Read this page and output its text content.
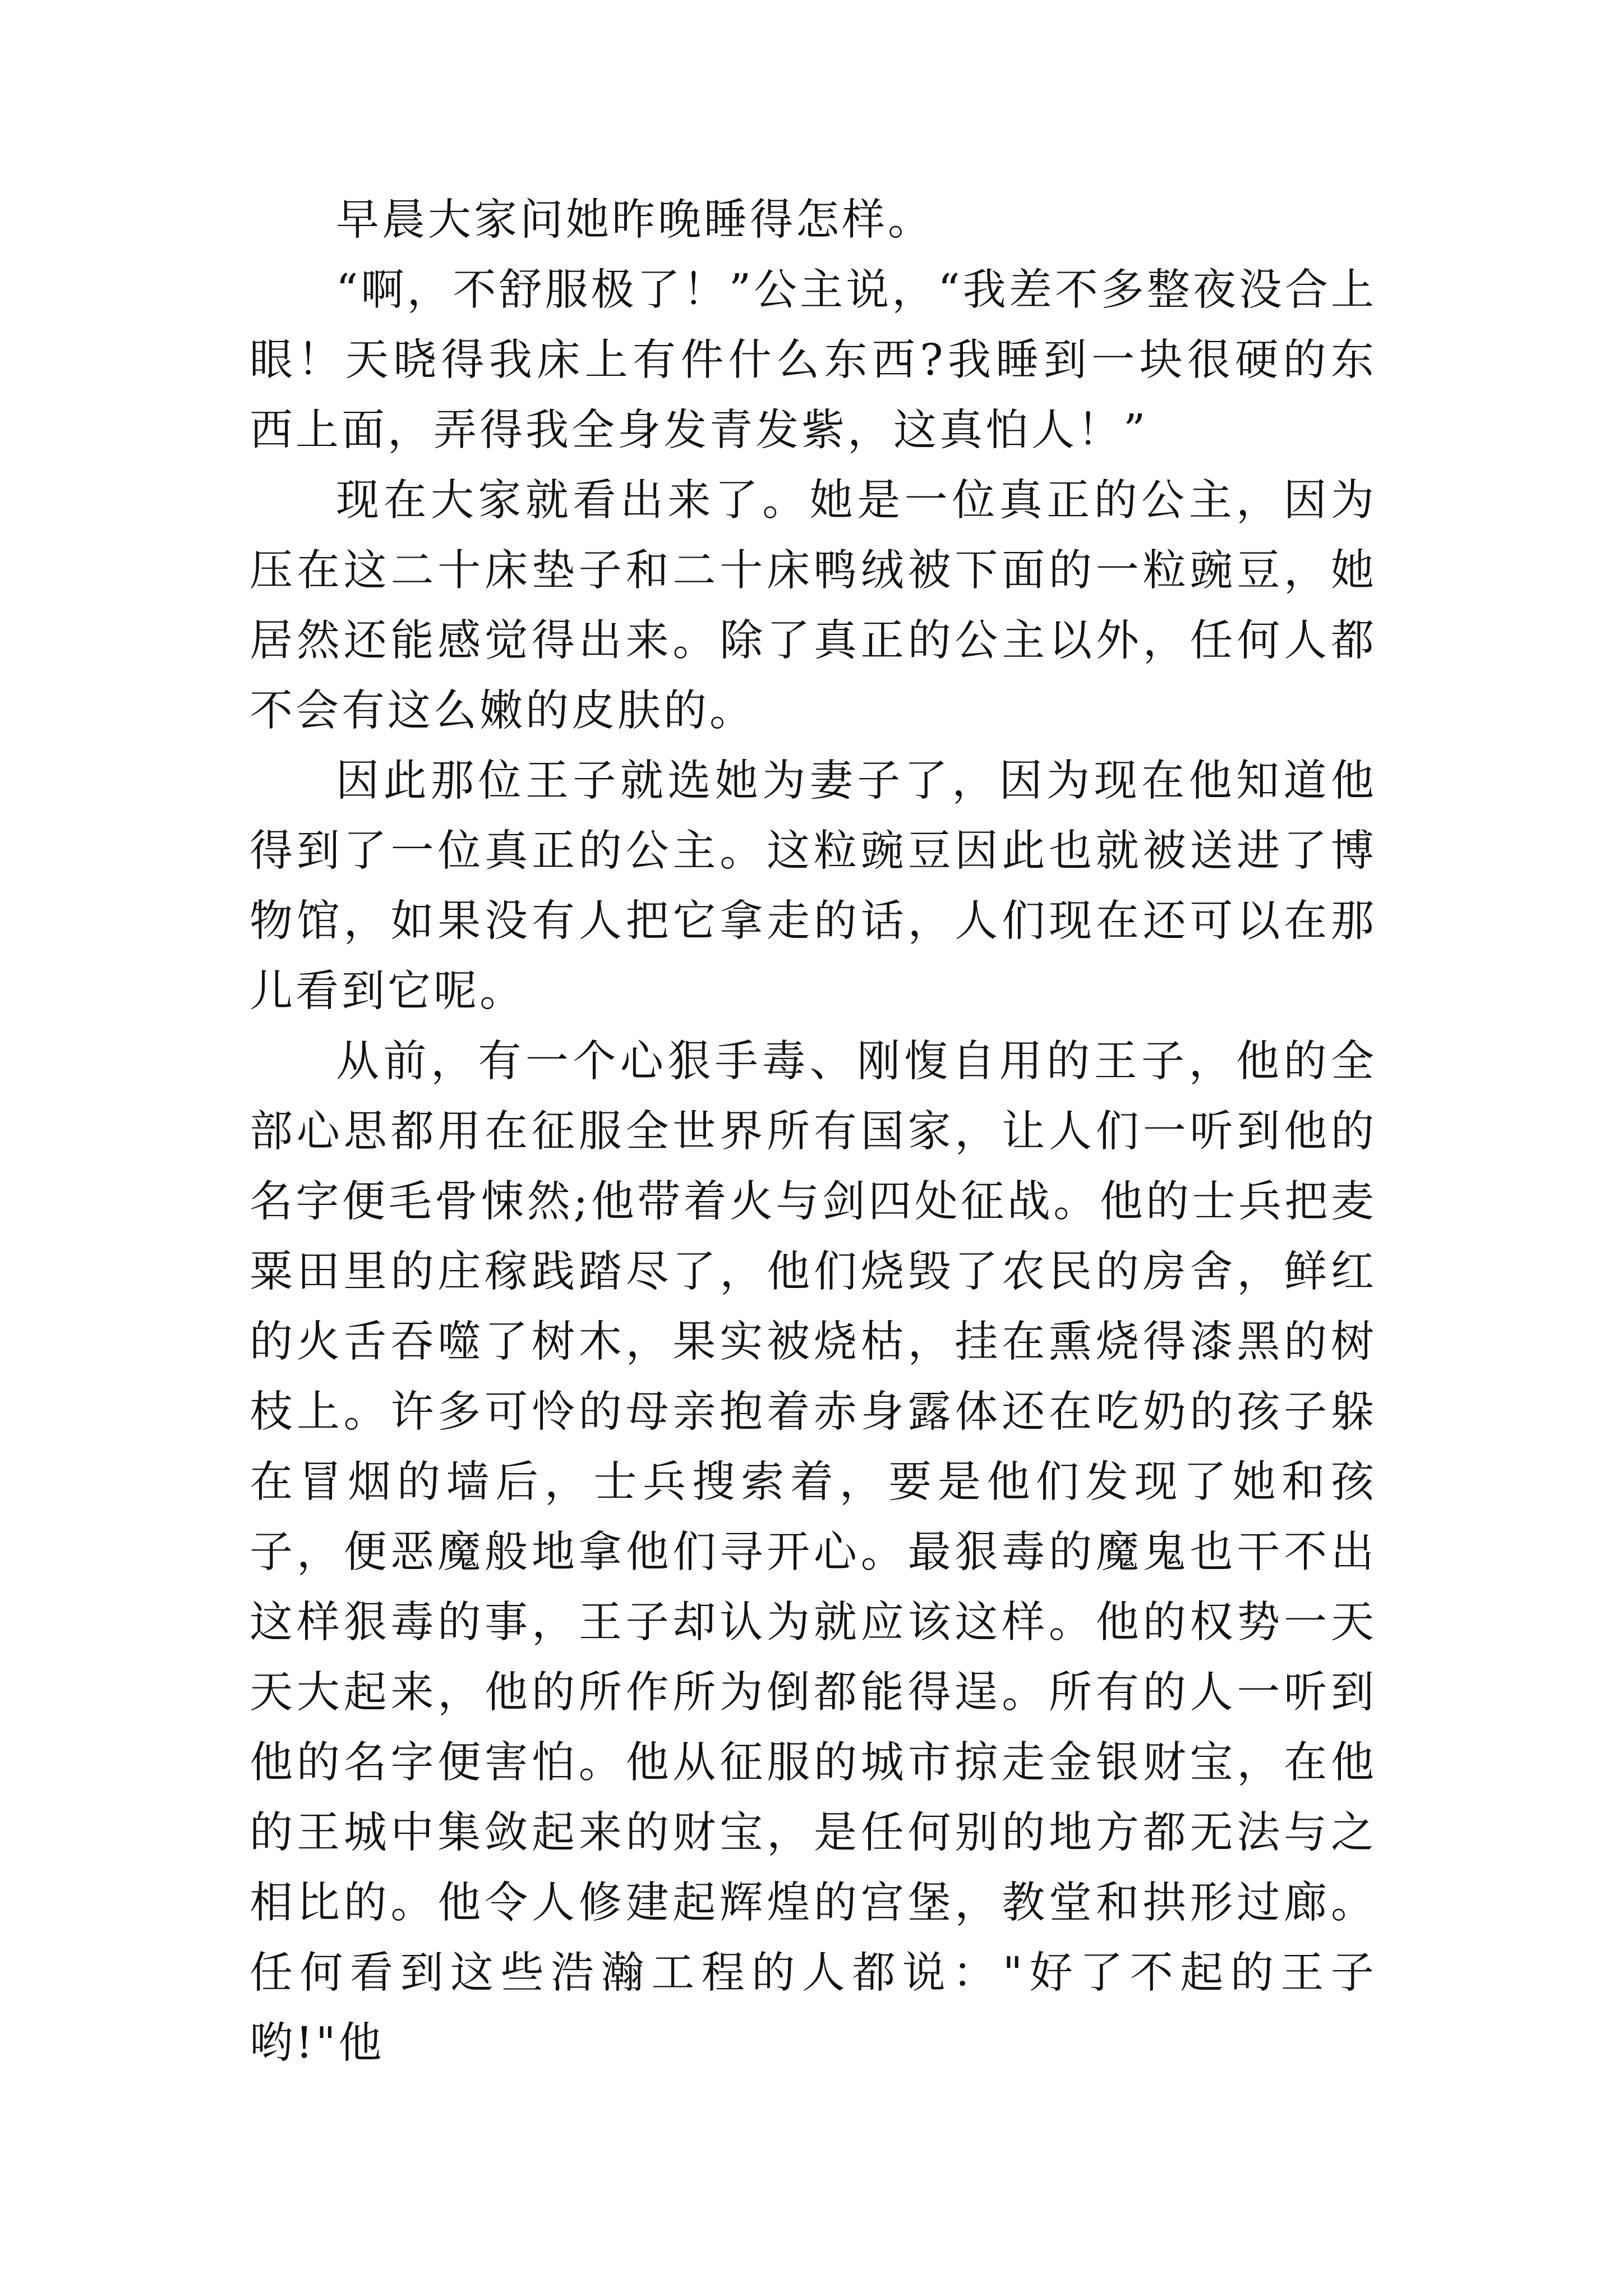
早晨大家问她昨晚睡得怎样。

“啊，不舒服极了！”公主说，“我差不多整夜没合上眼！天晓得我床上有件什么东西?我睡到一块很硬的东西上面，弄得我全身发青发紫，这真怕人！”

现在大家就看出来了。她是一位真正的公主，因为压在这二十床垫子和二十床鸭绒被下面的一粒豌豆，她居然还能感觉得出来。除了真正的公主以外，任何人都不会有这么嫩的皮肤的。

因此那位王子就选她为妻子了，因为现在他知道他得到了一位真正的公主。这粒豌豆因此也就被送进了博物馆，如果没有人把它拿走的话，人们现在还可以在那儿看到它呢。

从前，有一个心狠手毒、刚愎自用的王子，他的全部心思都用在征服全世界所有国家，让人们一听到他的名字便毛骨悚然;他带着火与剑四处征战。他的士兵把麦粟田里的庄稼践踏尽了，他们烧毁了农民的房舍，鲜红的火舌吞噬了树木，果实被烧枯，挂在熏烧得漆黑的树枝上。许多可怜的母亲抱着赤身露体还在吃奶的孩子躲在冒烟的墙后，士兵搜索着，要是他们发现了她和孩子，便恶魔般地拿他们寻开心。最狠毒的魔鬼也干不出这样狠毒的事，王子却认为就应该这样。他的权势一天天大起来，他的所作所为倒都能得逞。所有的人一听到他的名字便害怕。他从征服的城市掠走金银财宝，在他的王城中集敛起来的财宝，是任何别的地方都无法与之相比的。他令人修建起辉煌的宫堡，教堂和拱形过廊。任何看到这些浩瀚工程的人都说："好了不起的王子哟!"他
